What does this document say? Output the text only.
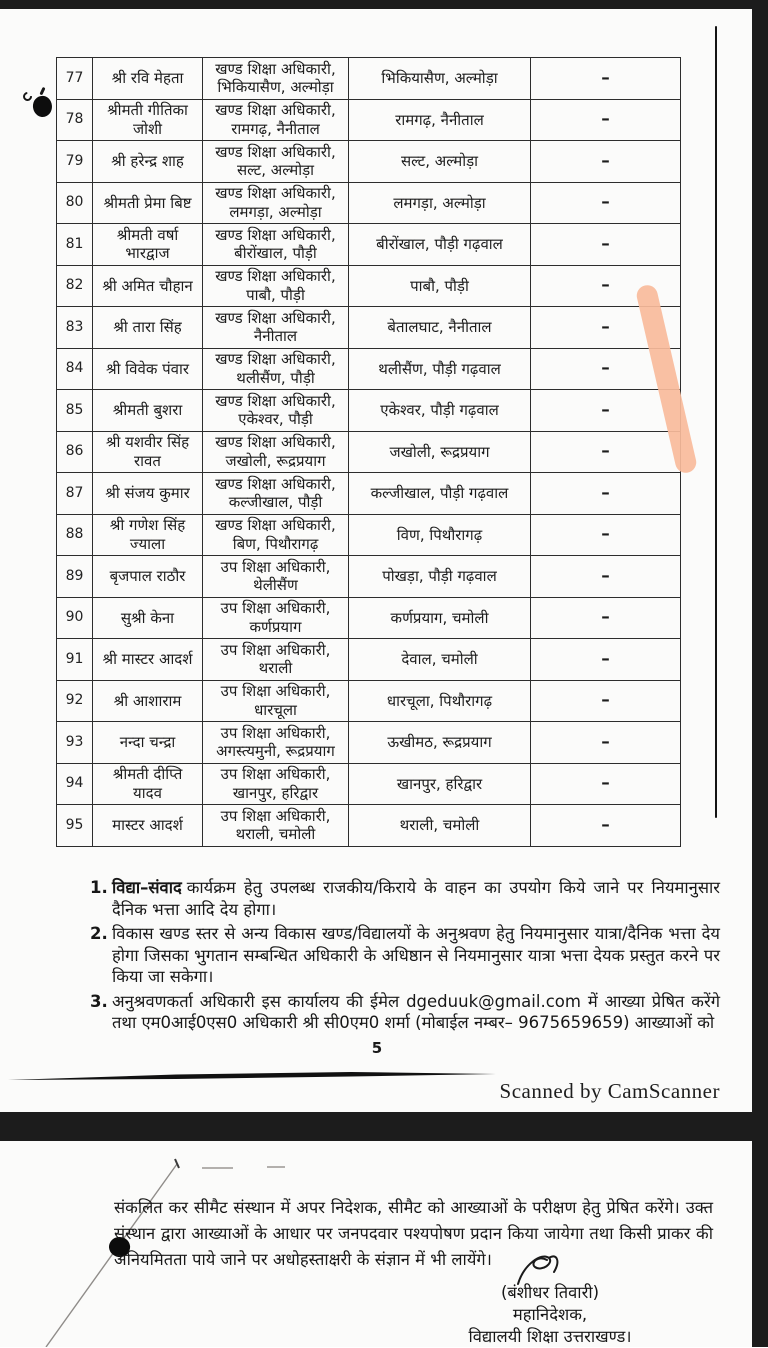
77	श्री रवि मेहता	खण्ड शिक्षा अधिकारी, भिकियासैण, अल्मोड़ा	भिकियासैण, अल्मोड़ा	–
78	श्रीमती गीतिका जोशी	खण्ड शिक्षा अधिकारी, रामगढ़, नैनीताल	रामगढ़, नैनीताल	–
79	श्री हरेन्द्र शाह	खण्ड शिक्षा अधिकारी, सल्ट, अल्मोड़ा	सल्ट, अल्मोड़ा	–
80	श्रीमती प्रेमा बिष्ट	खण्ड शिक्षा अधिकारी, लमगड़ा, अल्मोड़ा	लमगड़ा, अल्मोड़ा	–
81	श्रीमती वर्षा भारद्वाज	खण्ड शिक्षा अधिकारी, बीरोंखाल, पौड़ी	बीरोंखाल, पौड़ी गढ़वाल	–
82	श्री अमित चौहान	खण्ड शिक्षा अधिकारी, पाबौ, पौड़ी	पाबौ, पौड़ी	–
83	श्री तारा सिंह	खण्ड शिक्षा अधिकारी, नैनीताल	बेतालघाट, नैनीताल	–
84	श्री विवेक पंवार	खण्ड शिक्षा अधिकारी, थलीसैंण, पौड़ी	थलीसैंण, पौड़ी गढ़वाल	–
85	श्रीमती बुशरा	खण्ड शिक्षा अधिकारी, एकेश्वर, पौड़ी	एकेश्वर, पौड़ी गढ़वाल	–
86	श्री यशवीर सिंह रावत	खण्ड शिक्षा अधिकारी, जखोली, रूद्रप्रयाग	जखोली, रूद्रप्रयाग	–
87	श्री संजय कुमार	खण्ड शिक्षा अधिकारी, कल्जीखाल, पौड़ी	कल्जीखाल, पौड़ी गढ़वाल	–
88	श्री गणेश सिंह ज्याला	खण्ड शिक्षा अधिकारी, बिण, पिथौरागढ़	विण, पिथौरागढ़	–
89	बृजपाल राठौर	उप शिक्षा अधिकारी, थेलीसैंण	पोखड़ा, पौड़ी गढ़वाल	–
90	सुश्री केना	उप शिक्षा अधिकारी, कर्णप्रयाग	कर्णप्रयाग, चमोली	–
91	श्री मास्टर आदर्श	उप शिक्षा अधिकारी, थराली	देवाल, चमोली	–
92	श्री आशाराम	उप शिक्षा अधिकारी, धारचूला	धारचूला, पिथौरागढ़	–
93	नन्दा चन्द्रा	उप शिक्षा अधिकारी, अगस्त्यमुनी, रूद्रप्रयाग	ऊखीमठ, रूद्रप्रयाग	–
94	श्रीमती दीप्ति यादव	उप शिक्षा अधिकारी, खानपुर, हरिद्वार	खानपुर, हरिद्वार	–
95	मास्टर आदर्श	उप शिक्षा अधिकारी, थराली, चमोली	थराली, चमोली	–
1. विद्या–संवाद कार्यक्रम हेतु उपलब्ध राजकीय/किराये के वाहन का उपयोग किये जाने पर नियमानुसार दैनिक भत्ता आदि देय होगा।
2. विकास खण्ड स्तर से अन्य विकास खण्ड/विद्यालयों के अनुश्रवण हेतु नियमानुसार यात्रा/दैनिक भत्ता देय होगा जिसका भुगतान सम्बन्धित अधिकारी के अधिष्ठान से नियमानुसार यात्रा भत्ता देयक प्रस्तुत करने पर किया जा सकेगा।
3. अनुश्रवणकर्ता अधिकारी इस कार्यालय की ईमेल dgeduuk@gmail.com में आख्या प्रेषित करेंगे तथा एम0आई0एस0 अधिकारी श्री सी0एम0 शर्मा (मोबाईल नम्बर– 9675659659) आख्याओं को
5
Scanned by CamScanner
संकलित कर सीमैट संस्थान में अपर निदेशक, सीमैट को आख्याओं के परीक्षण हेतु प्रेषित करेंगे। उक्त संस्थान द्वारा आख्याओं के आधार पर जनपदवार पश्यपोषण प्रदान किया जायेगा तथा किसी प्राकर की अनियमितता पाये जाने पर अधोहस्ताक्षरी के संज्ञान में भी लायेंगे।
(बंशीधर तिवारी)
महानिदेशक,
विद्यालयी शिक्षा उत्तराखण्ड।
